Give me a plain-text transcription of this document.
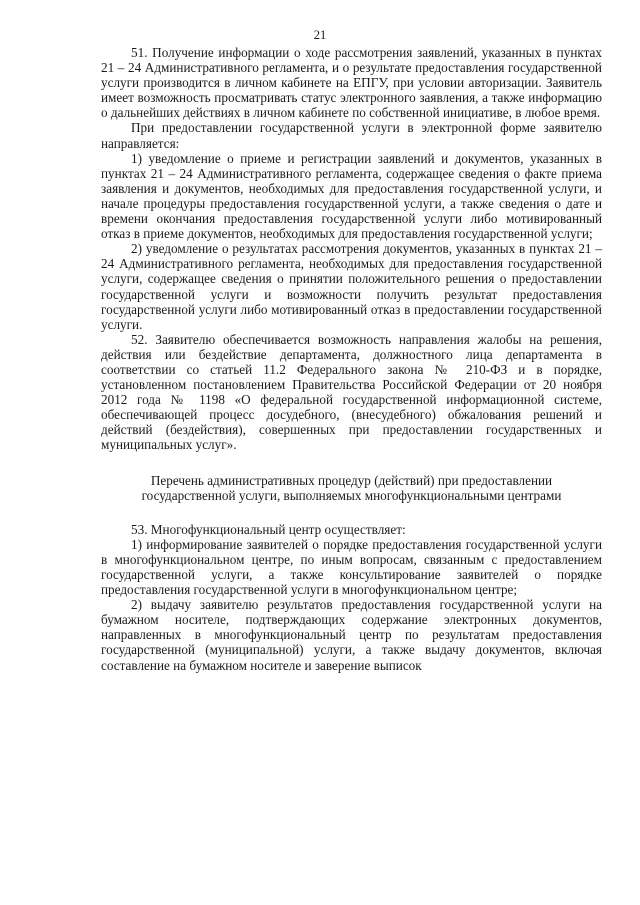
21

51. Получение информации о ходе рассмотрения заявлений, указанных в пунктах 21 – 24 Административного регламента, и о результате предоставления государственной услуги производится в личном кабинете на ЕПГУ, при условии авторизации. Заявитель имеет возможность просматривать статус электронного заявления, а также информацию о дальнейших действиях в личном кабинете по собственной инициативе, в любое время.

При предоставлении государственной услуги в электронной форме заявителю направляется:

1) уведомление о приеме и регистрации заявлений и документов, указанных в пунктах 21 – 24 Административного регламента, содержащее сведения о факте приема заявления и документов, необходимых для предоставления государственной услуги, и начале процедуры предоставления государственной услуги, а также сведения о дате и времени окончания предоставления государственной услуги либо мотивированный отказ в приеме документов, необходимых для предоставления государственной услуги;

2) уведомление о результатах рассмотрения документов, указанных в пунктах 21 – 24 Административного регламента, необходимых для предоставления государственной услуги, содержащее сведения о принятии положительного решения о предоставлении государственной услуги и возможности получить результат предоставления государственной услуги либо мотивированный отказ в предоставлении государственной услуги.

52. Заявителю обеспечивается возможность направления жалобы на решения, действия или бездействие департамента, должностного лица департамента в соответствии со статьей 11.2 Федерального закона № 210-ФЗ и в порядке, установленном постановлением Правительства Российской Федерации от 20 ноября 2012 года № 1198 «О федеральной государственной информационной системе, обеспечивающей процесс досудебного, (внесудебного) обжалования решений и действий (бездействия), совершенных при предоставлении государственных и муниципальных услуг».

Перечень административных процедур (действий) при предоставлении государственной услуги, выполняемых многофункциональными центрами

53. Многофункциональный центр осуществляет:

1) информирование заявителей о порядке предоставления государственной услуги в многофункциональном центре, по иным вопросам, связанным с предоставлением государственной услуги, а также консультирование заявителей о порядке предоставления государственной услуги в многофункциональном центре;

2) выдачу заявителю результатов предоставления государственной услуги на бумажном носителе, подтверждающих содержание электронных документов, направленных в многофункциональный центр по результатам предоставления государственной (муниципальной) услуги, а также выдачу документов, включая составление на бумажном носителе и заверение выписок
